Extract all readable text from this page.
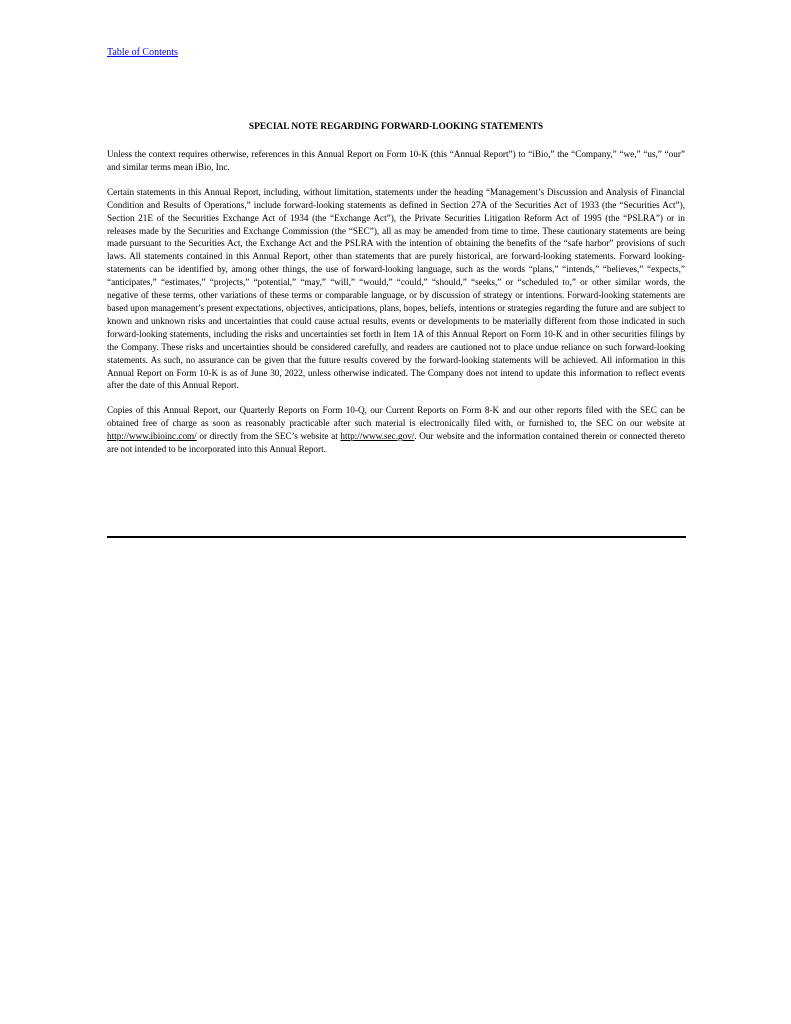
Table of Contents
SPECIAL NOTE REGARDING FORWARD-LOOKING STATEMENTS

Unless the context requires otherwise, references in this Annual Report on Form 10-K (this “Annual Report”) to “iBio,” the “Company,” “we,” “us,” “our” and similar terms mean iBio, Inc.

Certain statements in this Annual Report, including, without limitation, statements under the heading “Management’s Discussion and Analysis of Financial Condition and Results of Operations,” include forward-looking statements as defined in Section 27A of the Securities Act of 1933 (the “Securities Act”), Section 21E of the Securities Exchange Act of 1934 (the “Exchange Act”), the Private Securities Litigation Reform Act of 1995 (the “PSLRA”) or in releases made by the Securities and Exchange Commission (the “SEC”), all as may be amended from time to time. These cautionary statements are being made pursuant to the Securities Act, the Exchange Act and the PSLRA with the intention of obtaining the benefits of the “safe harbor” provisions of such laws. All statements contained in this Annual Report, other than statements that are purely historical, are forward-looking statements. Forward looking-statements can be identified by, among other things, the use of forward-looking language, such as the words “plans,” “intends,” “believes,” “expects,” “anticipates,” “estimates,” “projects,” “potential,” “may,” “will,” “would,” “could,” “should,” “seeks,” or “scheduled to,” or other similar words, the negative of these terms, other variations of these terms or comparable language, or by discussion of strategy or intentions. Forward-looking statements are based upon management’s present expectations, objectives, anticipations, plans, hopes, beliefs, intentions or strategies regarding the future and are subject to known and unknown risks and uncertainties that could cause actual results, events or developments to be materially different from those indicated in such forward-looking statements, including the risks and uncertainties set forth in Item 1A of this Annual Report on Form 10-K and in other securities filings by the Company. These risks and uncertainties should be considered carefully, and readers are cautioned not to place undue reliance on such forward-looking statements. As such, no assurance can be given that the future results covered by the forward-looking statements will be achieved. All information in this Annual Report on Form 10-K is as of June 30, 2022, unless otherwise indicated. The Company does not intend to update this information to reflect events after the date of this Annual Report.

Copies of this Annual Report, our Quarterly Reports on Form 10-Q, our Current Reports on Form 8-K and our other reports filed with the SEC can be obtained free of charge as soon as reasonably practicable after such material is electronically filed with, or furnished to, the SEC on our website at http://www.ibioinc.com/ or directly from the SEC’s website at http://www.sec.gov/. Our website and the information contained therein or connected thereto are not intended to be incorporated into this Annual Report.
